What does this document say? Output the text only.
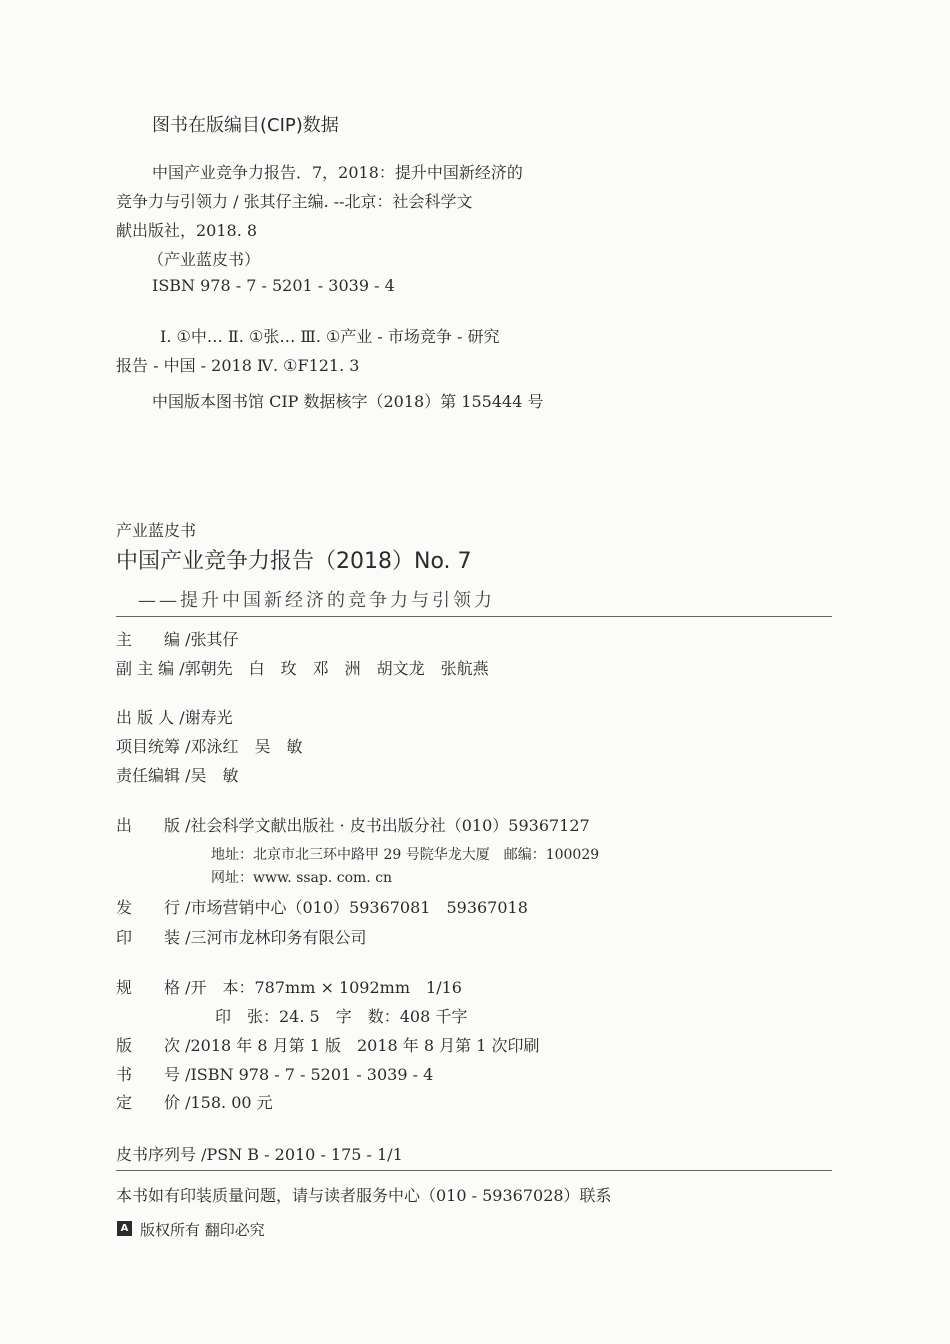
图书在版编目(CIP)数据
中国产业竞争力报告．7，2018：提升中国新经济的
竞争力与引领力 / 张其仔主编. --北京：社会科学文
献出版社，2018. 8
（产业蓝皮书）
ISBN 978 - 7 - 5201 - 3039 - 4
Ⅰ. ①中… Ⅱ. ①张… Ⅲ. ①产业 - 市场竞争 - 研究
报告 - 中国 - 2018 Ⅳ. ①F121. 3
中国版本图书馆 CIP 数据核字（2018）第 155444 号
产业蓝皮书
中国产业竞争力报告（2018）No. 7
——提升中国新经济的竞争力与引领力
主　　编 /张其仔
副 主 编 /郭朝先　白　玫　邓　洲　胡文龙　张航燕
出 版 人 /谢寿光
项目统筹 /邓泳红　吴　敏
责任编辑 /吴　敏
出　　版 /社会科学文献出版社 · 皮书出版分社（010）59367127
地址：北京市北三环中路甲 29 号院华龙大厦　邮编：100029
网址：www. ssap. com. cn
发　　行 /市场营销中心（010）59367081　59367018
印　　装 /三河市龙林印务有限公司
规　　格 /开　本：787mm × 1092mm　1/16
印　张：24. 5　字　数：408 千字
版　　次 /2018 年 8 月第 1 版　2018 年 8 月第 1 次印刷
书　　号 /ISBN 978 - 7 - 5201 - 3039 - 4
定　　价 /158. 00 元
皮书序列号 /PSN B - 2010 - 175 - 1/1
本书如有印装质量问题，请与读者服务中心（010 - 59367028）联系
A 版权所有 翻印必究
